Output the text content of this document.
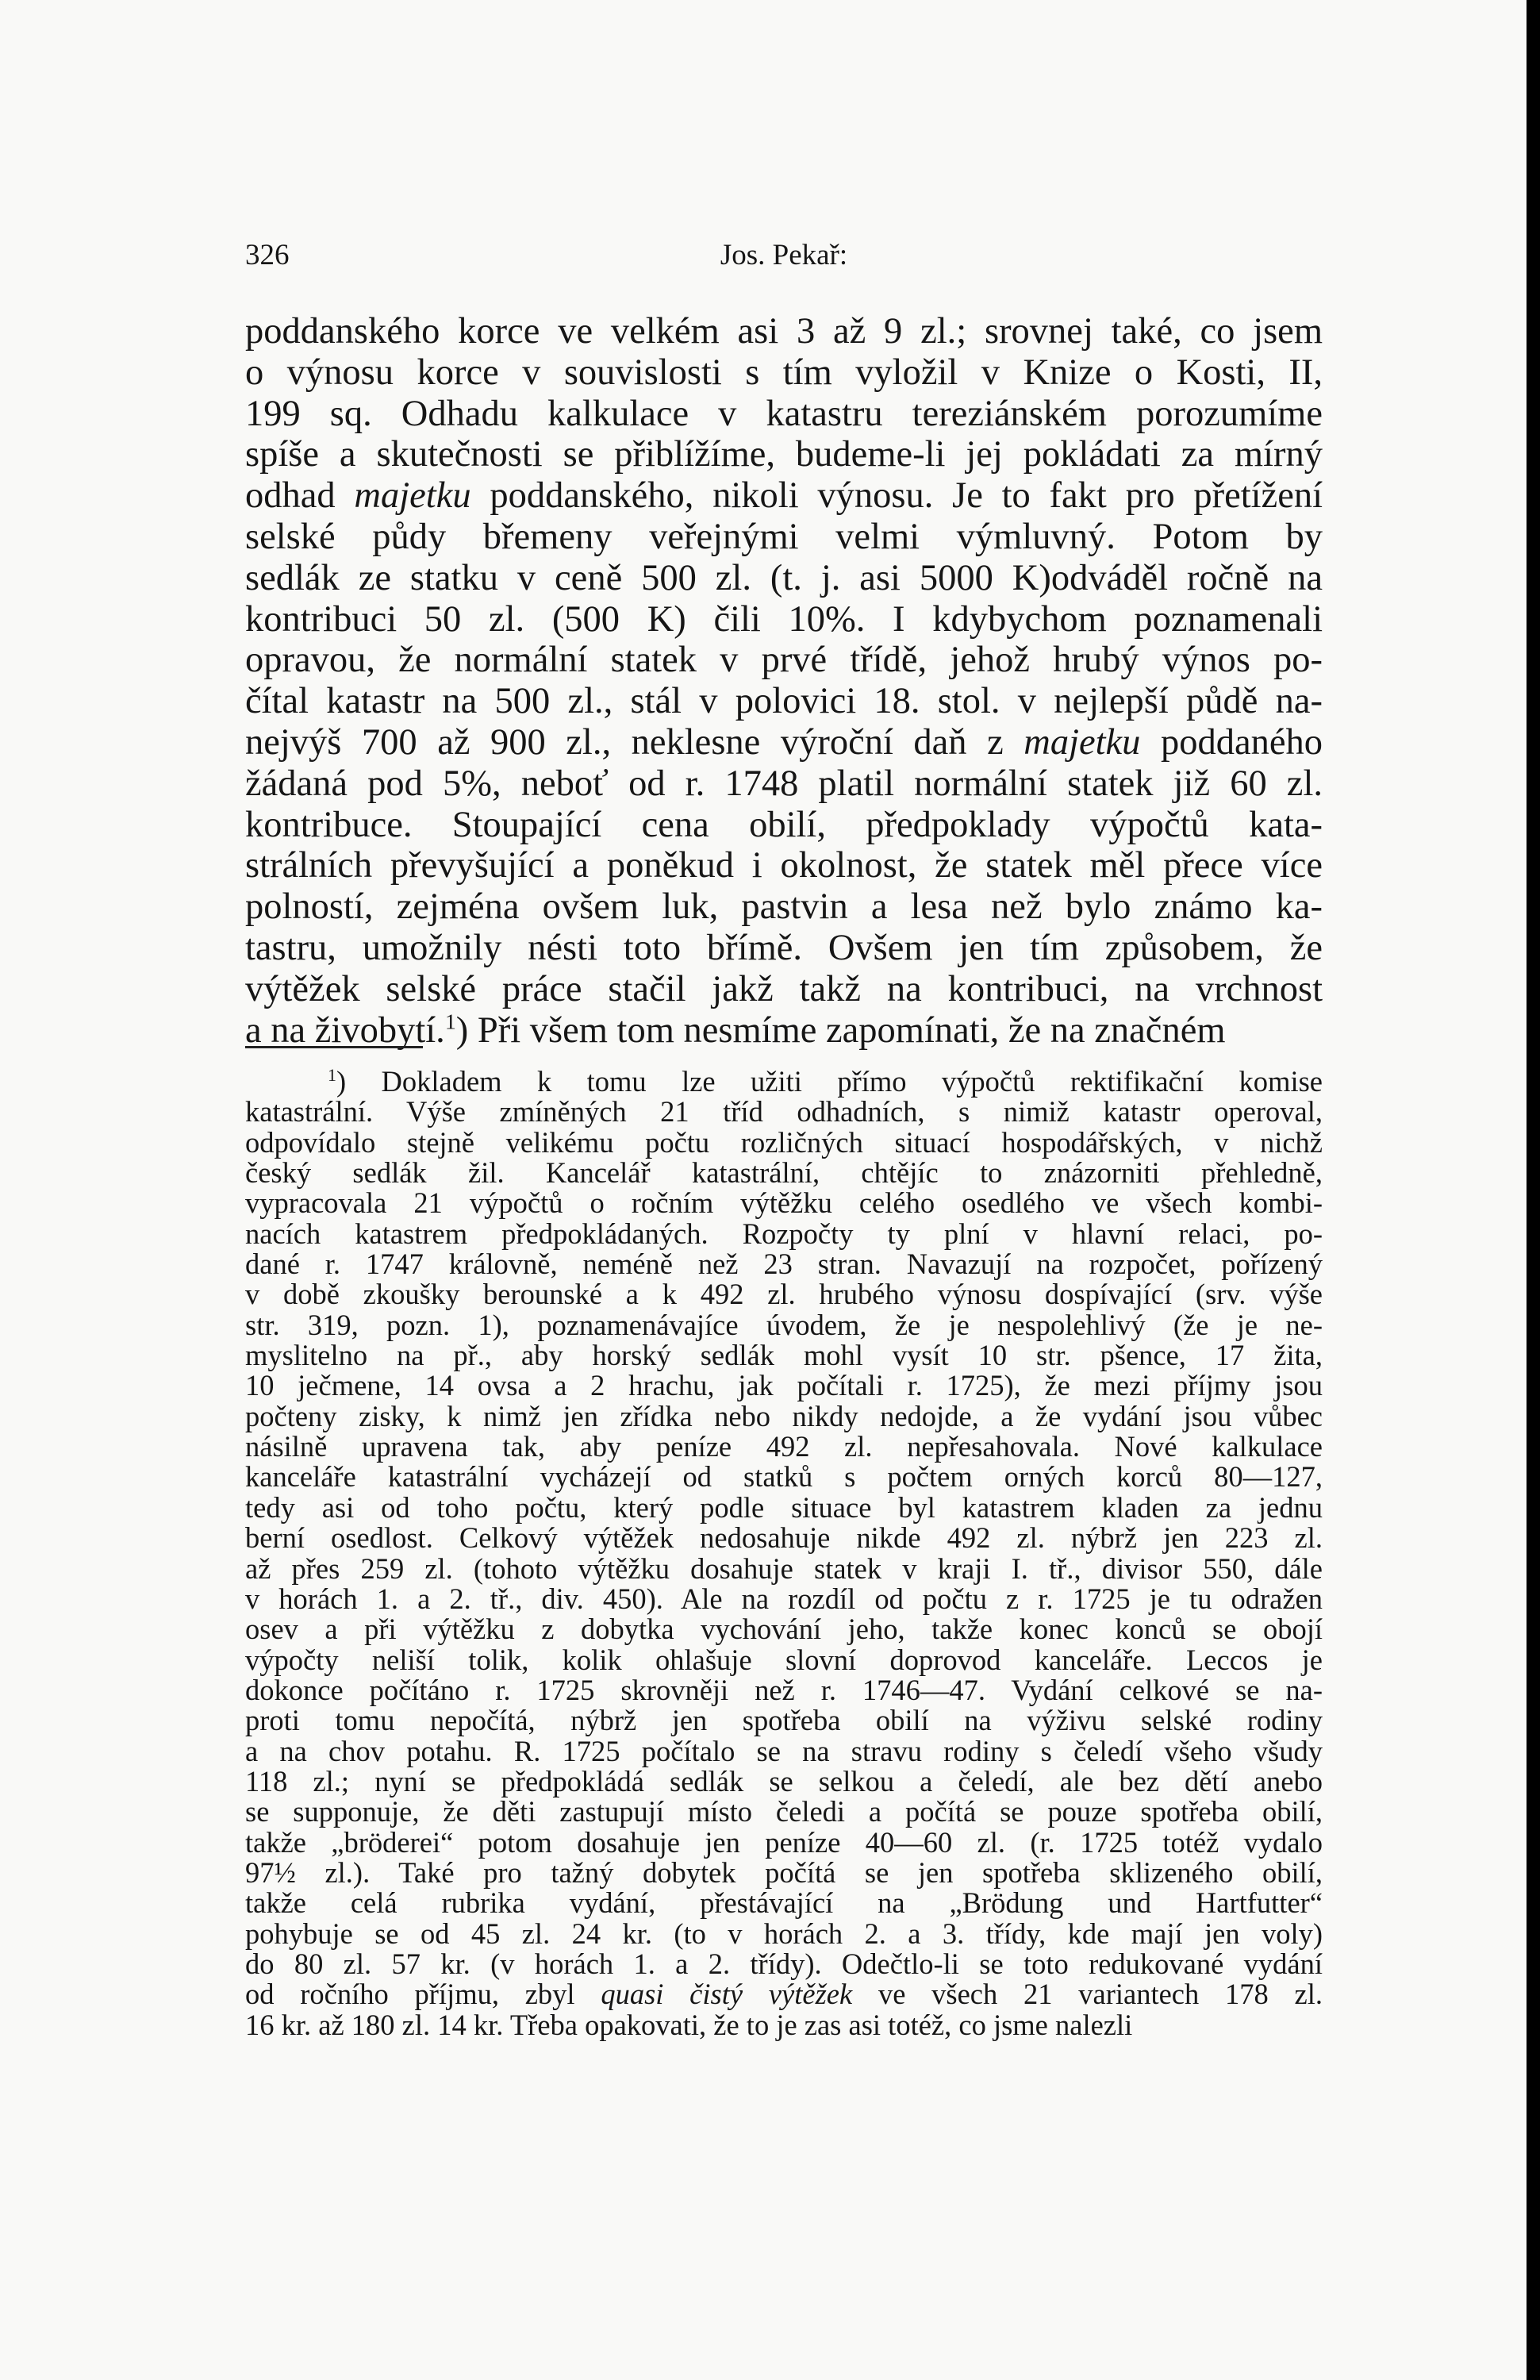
326	Jos. Pekař:
poddanského korce ve velkém asi 3 až 9 zl.; srovnej také, co jsem
o výnosu korce v souvislosti s tím vyložil v Knize o Kosti, II,
199 sq. Odhadu kalkulace v katastru tereziánském porozumíme
spíše a skutečnosti se přiblížíme, budeme-li jej pokládati za mírný
odhad majetku poddanského, nikoli výnosu. Je to fakt pro přetížení
selské půdy břemeny veřejnými velmi výmluvný. Potom by
sedlák ze statku v ceně 500 zl. (t. j. asi 5000 K)odváděl ročně na
kontribuci 50 zl. (500 K) čili 10%. I kdybychom poznamenali
opravou, že normální statek v prvé třídě, jehož hrubý výnos po-
čítal katastr na 500 zl., stál v polovici 18. stol. v nejlepší půdě na-
nejvýš 700 až 900 zl., neklesne výroční daň z majetku poddaného
žádaná pod 5%, neboť od r. 1748 platil normální statek již 60 zl.
kontribuce. Stoupající cena obilí, předpoklady výpočtů kata-
strálních převyšující a poněkud i okolnost, že statek měl přece více
polností, zejména ovšem luk, pastvin a lesa než bylo známo ka-
tastru, umožnily nésti toto břímě. Ovšem jen tím způsobem, že
výtěžek selské práce stačil jakž takž na kontribuci, na vrchnost
a na živobytí.$^1$) Při všem tom nesmíme zapomínati, že na značném
$^1$) Dokladem k tomu lze užiti přímo výpočtů rektifikační komise
katastrální. Výše zmíněných 21 tříd odhadních, s nimiž katastr operoval,
odpovídalo stejně velikému počtu rozličných situací hospodářských, v nichž
český sedlák žil. Kancelář katastrální, chtějíc to znázorniti přehledně,
vypracovala 21 výpočtů o ročním výtěžku celého osedlého ve všech kombi-
nacích katastrem předpokládaných. Rozpočty ty plní v hlavní relaci, po-
dané r. 1747 královně, neméně než 23 stran. Navazují na rozpočet, pořízený
v době zkoušky berounské a k 492 zl. hrubého výnosu dospívající (srv. výše
str. 319, pozn. 1), poznamenávajíce úvodem, že je nespolehlivý (že je ne-
myslitelno na př., aby horský sedlák mohl vysít 10 str. pšence, 17 žita,
10 ječmene, 14 ovsa a 2 hrachu, jak počítali r. 1725), že mezi příjmy jsou
počteny zisky, k nimž jen zřídka nebo nikdy nedojde, a že vydání jsou vůbec
násilně upravena tak, aby peníze 492 zl. nepřesahovala. Nové kalkulace
kanceláře katastrální vycházejí od statků s počtem orných korců 80—127,
tedy asi od toho počtu, který podle situace byl katastrem kladen za jednu
berní osedlost. Celkový výtěžek nedosahuje nikde 492 zl. nýbrž jen 223 zl.
až přes 259 zl. (tohoto výtěžku dosahuje statek v kraji I. tř., divisor 550, dále
v horách 1. a 2. tř., div. 450). Ale na rozdíl od počtu z r. 1725 je tu odražen
osev a při výtěžku z dobytka vychování jeho, takže konec konců se obojí
výpočty neliší tolik, kolik ohlašuje slovní doprovod kanceláře. Leccos je
dokonce počítáno r. 1725 skrovněji než r. 1746—47. Vydání celkové se na-
proti tomu nepočítá, nýbrž jen spotřeba obilí na výživu selské rodiny
a na chov potahu. R. 1725 počítalo se na stravu rodiny s čeledí všeho všudy
118 zl.; nyní se předpokládá sedlák se selkou a čeledí, ale bez dětí anebo
se supponuje, že děti zastupují místo čeledi a počítá se pouze spotřeba obilí,
takže „bröderei“ potom dosahuje jen peníze 40—60 zl. (r. 1725 totéž vydalo
97½ zl.). Také pro tažný dobytek počítá se jen spotřeba sklizeného obilí,
takže celá rubrika vydání, přestávající na „Brödung und Hartfutter“
pohybuje se od 45 zl. 24 kr. (to v horách 2. a 3. třídy, kde mají jen voly)
do 80 zl. 57 kr. (v horách 1. a 2. třídy). Odečtlo-li se toto redukované vydání
od ročního příjmu, zbyl quasi čistý výtěžek ve všech 21 variantech 178 zl.
16 kr. až 180 zl. 14 kr. Třeba opakovati, že to je zas asi totéž, co jsme nalezli
